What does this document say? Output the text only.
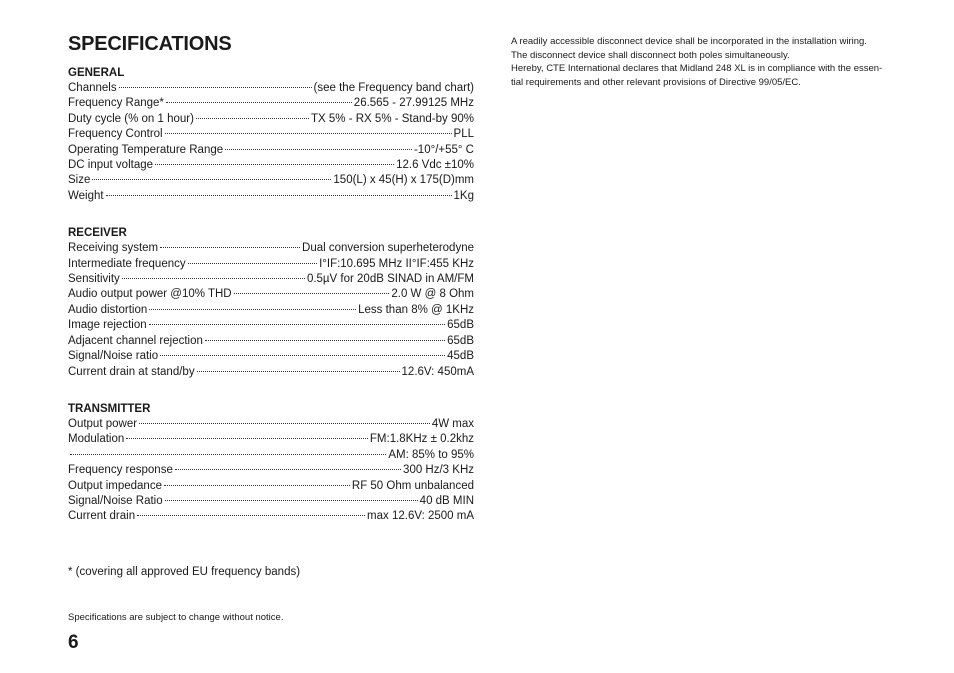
SPECIFICATIONS
GENERAL
Channels	(see the Frequency band chart)
Frequency Range*	26.565 - 27.99125 MHz
Duty cycle (% on 1 hour)	TX 5% - RX 5% - Stand-by 90%
Frequency Control	PLL
Operating Temperature Range	-10°/+55° C
DC input voltage	12.6 Vdc ±10%
Size	150(L) x 45(H) x 175(D)mm
Weight	1Kg
RECEIVER
Receiving system	Dual conversion superheterodyne
Intermediate frequency	I°IF:10.695 MHz II°IF:455 KHz
Sensitivity	0.5µV for 20dB SINAD in AM/FM
Audio output power @10% THD	2.0 W @ 8 Ohm
Audio distortion	Less than 8% @ 1KHz
Image rejection	65dB
Adjacent channel rejection	65dB
Signal/Noise ratio	45dB
Current drain at stand/by	12.6V: 450mA
TRANSMITTER
Output power	4W max
Modulation	FM:1.8KHz ± 0.2khz
AM: 85% to 95%
Frequency response	300 Hz/3 KHz
Output impedance	RF 50 Ohm unbalanced
Signal/Noise Ratio	40 dB MIN
Current drain	max 12.6V: 2500 mA
* (covering all approved EU frequency bands)
Specifications are subject to change without notice.
6

A readily accessible disconnect device shall be incorporated in the installation wiring.

The disconnect device shall disconnect both poles simultaneously.

Hereby, CTE International declares that Midland 248 XL is in compliance with the essen-

tial requirements and other relevant provisions of Directive 99/05/EC.
